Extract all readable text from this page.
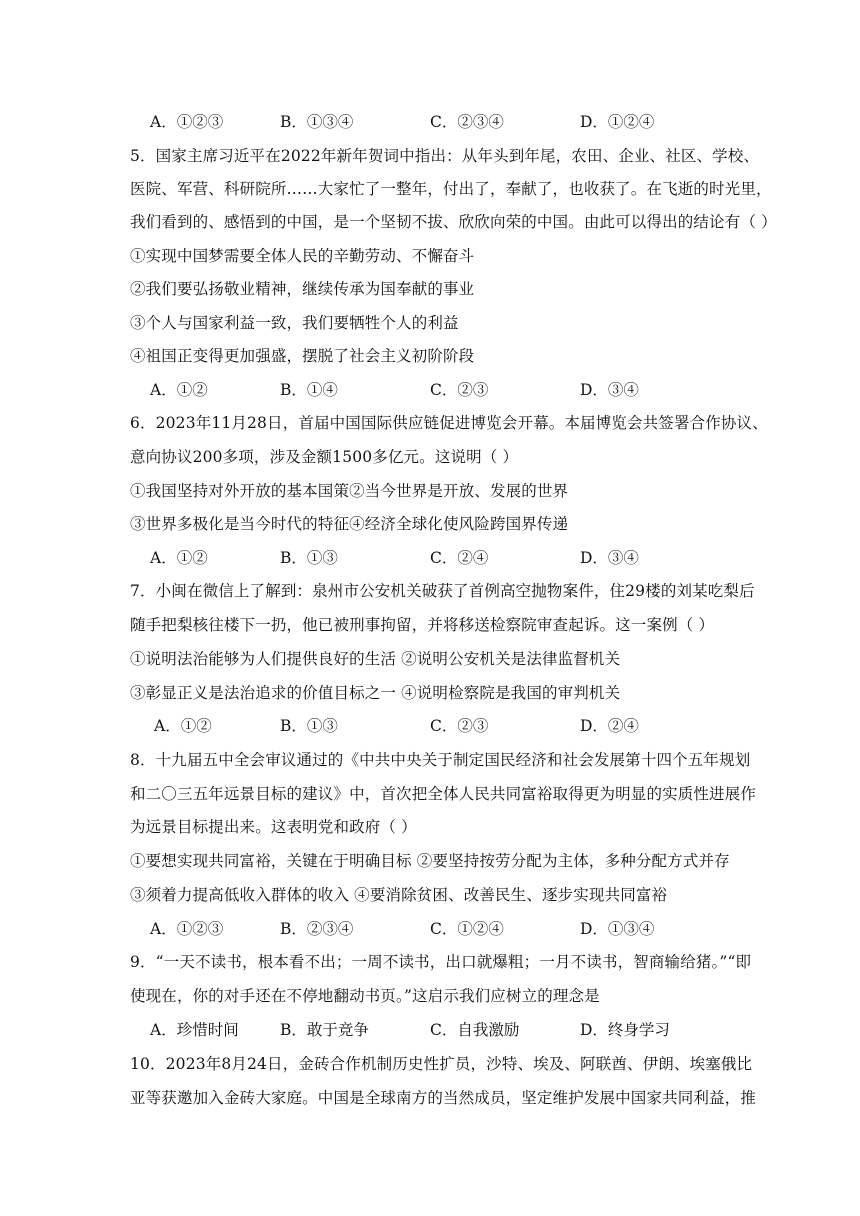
A．①②③	B．①③④	C．②③④	D．①②④
5．国家主席习近平在2022年新年贺词中指出：从年头到年尾，农田、企业、社区、学校、
医院、军营、科研院所……大家忙了一整年，付出了，奉献了，也收获了。在飞逝的时光里，
我们看到的、感悟到的中国，是一个坚韧不拔、欣欣向荣的中国。由此可以得出的结论有（ ）
①实现中国梦需要全体人民的辛勤劳动、不懈奋斗
②我们要弘扬敬业精神，继续传承为国奉献的事业
③个人与国家利益一致，我们要牺牲个人的利益
④祖国正变得更加强盛，摆脱了社会主义初阶阶段
A．①②	B．①④	C．②③	D．③④
6．2023年11月28日，首届中国国际供应链促进博览会开幕。本届博览会共签署合作协议、
意向协议200多项，涉及金额1500多亿元。这说明（ ）
①我国坚持对外开放的基本国策②当今世界是开放、发展的世界
③世界多极化是当今时代的特征④经济全球化使风险跨国界传递
A．①②	B．①③	C．②④	D．③④
7．小闽在微信上了解到：泉州市公安机关破获了首例高空抛物案件，住29楼的刘某吃梨后
随手把梨核往楼下一扔，他已被刑事拘留，并将移送检察院审查起诉。这一案例（ ）
①说明法治能够为人们提供良好的生活 ②说明公安机关是法律监督机关
③彰显正义是法治追求的价值目标之一 ④说明检察院是我国的审判机关
A．①②	B．①③	C．②③	D．②④
8．十九届五中全会审议通过的《中共中央关于制定国民经济和社会发展第十四个五年规划
和二〇三五年远景目标的建议》中，首次把全体人民共同富裕取得更为明显的实质性进展作
为远景目标提出来。这表明党和政府（ ）
①要想实现共同富裕，关键在于明确目标 ②要坚持按劳分配为主体，多种分配方式并存
③须着力提高低收入群体的收入 ④要消除贫困、改善民生、逐步实现共同富裕
A．①②③	B．②③④	C．①②④	D．①③④
9．“一天不读书，根本看不出；一周不读书，出口就爆粗；一月不读书，智商输给猪。”“即
使现在，你的对手还在不停地翻动书页。”这启示我们应树立的理念是
A．珍惜时间	B．敢于竞争	C．自我激励	D．终身学习
10．2023年8月24日，金砖合作机制历史性扩员，沙特、埃及、阿联酋、伊朗、埃塞俄比
亚等获邀加入金砖大家庭。中国是全球南方的当然成员，坚定维护发展中国家共同利益，推
